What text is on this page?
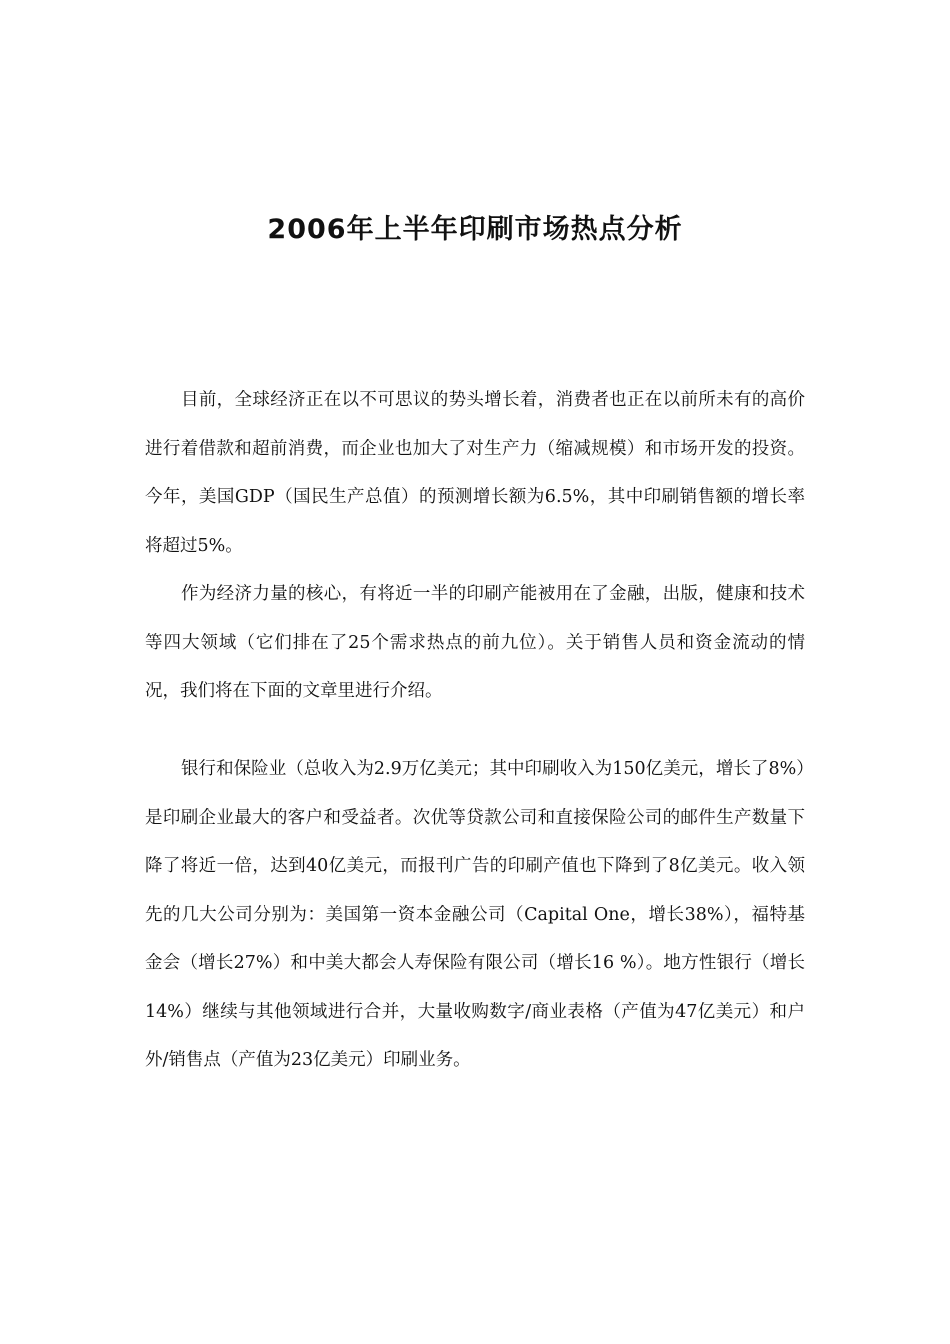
2006年上半年印刷市场热点分析

目前，全球经济正在以不可思议的势头增长着，消费者也正在以前所未有的高价进行着借款和超前消费，而企业也加大了对生产力（缩减规模）和市场开发的投资。今年，美国GDP（国民生产总值）的预测增长额为6.5%，其中印刷销售额的增长率将超过5%。

作为经济力量的核心，有将近一半的印刷产能被用在了金融，出版，健康和技术等四大领域（它们排在了25个需求热点的前九位）。关于销售人员和资金流动的情况，我们将在下面的文章里进行介绍。

银行和保险业（总收入为2.9万亿美元；其中印刷收入为150亿美元，增长了8%）是印刷企业最大的客户和受益者。次优等贷款公司和直接保险公司的邮件生产数量下降了将近一倍，达到40亿美元，而报刊广告的印刷产值也下降到了8亿美元。收入领先的几大公司分别为：美国第一资本金融公司（Capital One，增长38%），福特基金会（增长27%）和中美大都会人寿保险有限公司（增长16 %）。地方性银行（增长14%）继续与其他领域进行合并，大量收购数字/商业表格（产值为47亿美元）和户外/销售点（产值为23亿美元）印刷业务。
